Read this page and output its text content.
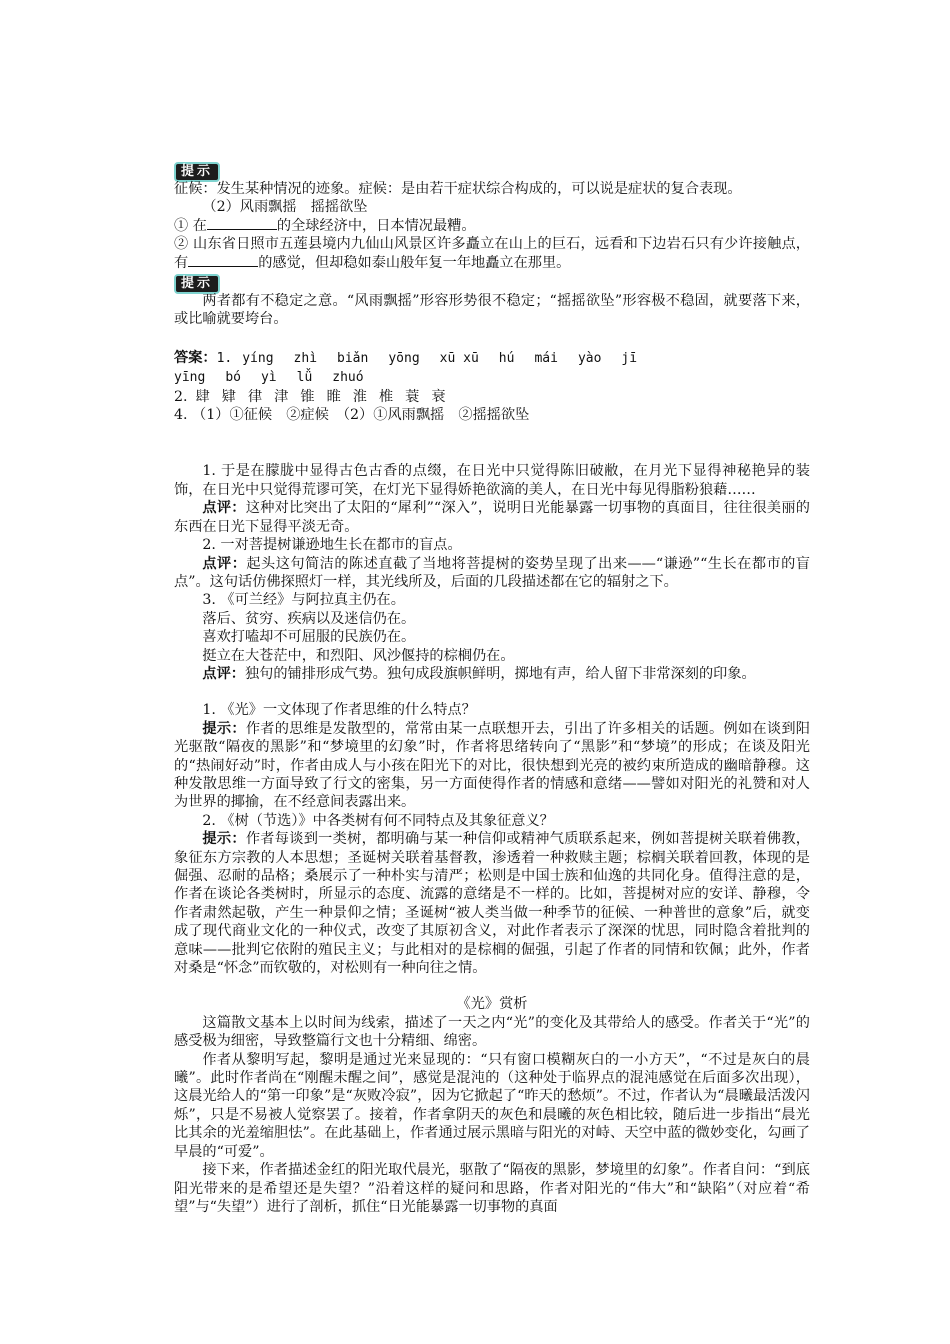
提示

征候：发生某种情况的迹象。症候：是由若干症状综合构成的，可以说是症状的复合表现。

（2）风雨飘摇　摇摇欲坠

① 在	的全球经济中，日本情况最糟。

② 山东省日照市五莲县境内九仙山风景区许多矗立在山上的巨石，远看和下边岩石只有少许接触点，有	的感觉，但却稳如泰山般年复一年地矗立在那里。

提示

两者都有不稳定之意。“风雨飘摇”形容形势很不稳定；“摇摇欲坠”形容极不稳固，就要落下来，或比喻就要垮台。

答案：1. yíng zhì biǎn yōng xū xū hú mái yào jī

yīng bó yì lǚ zhuó

2. 肆 肄 律 津 锥 睢 淮 椎 蓑 衰

4. （1）①征候　②症候　（2）①风雨飘摇　②摇摇欲坠

1. 于是在朦胧中显得古色古香的点缀，在日光中只觉得陈旧破敝，在月光下显得神秘艳异的装饰，在日光中只觉得荒谬可笑，在灯光下显得娇艳欲滴的美人，在日光中每见得脂粉狼藉……

点评：这种对比突出了太阳的“犀利”“深入”，说明日光能暴露一切事物的真面目，往往很美丽的东西在日光下显得平淡无奇。

2. 一对菩提树谦逊地生长在都市的盲点。

点评：起头这句简洁的陈述直截了当地将菩提树的姿势呈现了出来——“谦逊”“生长在都市的盲点”。这句话仿佛探照灯一样，其光线所及，后面的几段描述都在它的辐射之下。

3. 《可兰经》与阿拉真主仍在。

落后、贫穷、疾病以及迷信仍在。

喜欢打嗑却不可屈服的民族仍在。

挺立在大苍茫中，和烈阳、风沙偃持的棕榈仍在。

点评：独句的铺排形成气势。独句成段旗帜鲜明，掷地有声，给人留下非常深刻的印象。

1. 《光》一文体现了作者思维的什么特点？

提示：作者的思维是发散型的，常常由某一点联想开去，引出了许多相关的话题。例如在谈到阳光驱散“隔夜的黑影”和“梦境里的幻象”时，作者将思绪转向了“黑影”和“梦境”的形成；在谈及阳光的“热闹好动”时，作者由成人与小孩在阳光下的对比，很快想到光亮的被约束所造成的幽暗静穆。这种发散思维一方面导致了行文的密集，另一方面使得作者的情感和意绪——譬如对阳光的礼赞和对人为世界的揶揄，在不经意间表露出来。

2. 《树（节选）》中各类树有何不同特点及其象征意义？

提示：作者每谈到一类树，都明确与某一种信仰或精神气质联系起来，例如菩提树关联着佛教，象征东方宗教的人本思想；圣诞树关联着基督教，渗透着一种救赎主题；棕榈关联着回教，体现的是倔强、忍耐的品格；桑展示了一种朴实与清严；松则是中国士族和仙逸的共同化身。值得注意的是，作者在谈论各类树时，所显示的态度、流露的意绪是不一样的。比如，菩提树对应的安详、静穆，令作者肃然起敬，产生一种景仰之情；圣诞树“被人类当做一种季节的征候、一种普世的意象”后，就变成了现代商业文化的一种仪式，改变了其原初含义，对此作者表示了深深的忧思，同时隐含着批判的意味——批判它依附的殖民主义；与此相对的是棕榈的倔强，引起了作者的同情和钦佩；此外，作者对桑是“怀念”而钦敬的，对松则有一种向往之情。

《光》赏析

这篇散文基本上以时间为线索，描述了一天之内“光”的变化及其带给人的感受。作者关于“光”的感受极为细密，导致整篇行文也十分精细、绵密。

作者从黎明写起，黎明是通过光来显现的：“只有窗口模糊灰白的一小方天”，“不过是灰白的晨曦”。此时作者尚在“刚醒未醒之间”，感觉是混沌的（这种处于临界点的混沌感觉在后面多次出现），这晨光给人的“第一印象”是“灰败冷寂”，因为它掀起了“昨天的愁烦”。不过，作者认为“晨曦最活泼闪烁”，只是不易被人觉察罢了。接着，作者拿阴天的灰色和晨曦的灰色相比较，随后进一步指出“晨光比其余的光羞缩胆怯”。在此基础上，作者通过展示黑暗与阳光的对峙、天空中蓝的微妙变化，勾画了早晨的“可爱”。

接下来，作者描述金红的阳光取代晨光，驱散了“隔夜的黑影，梦境里的幻象”。作者自问：“到底阳光带来的是希望还是失望？”沿着这样的疑问和思路，作者对阳光的“伟大”和“缺陷”（对应着“希望”与“失望”）进行了剖析，抓住“日光能暴露一切事物的真面
